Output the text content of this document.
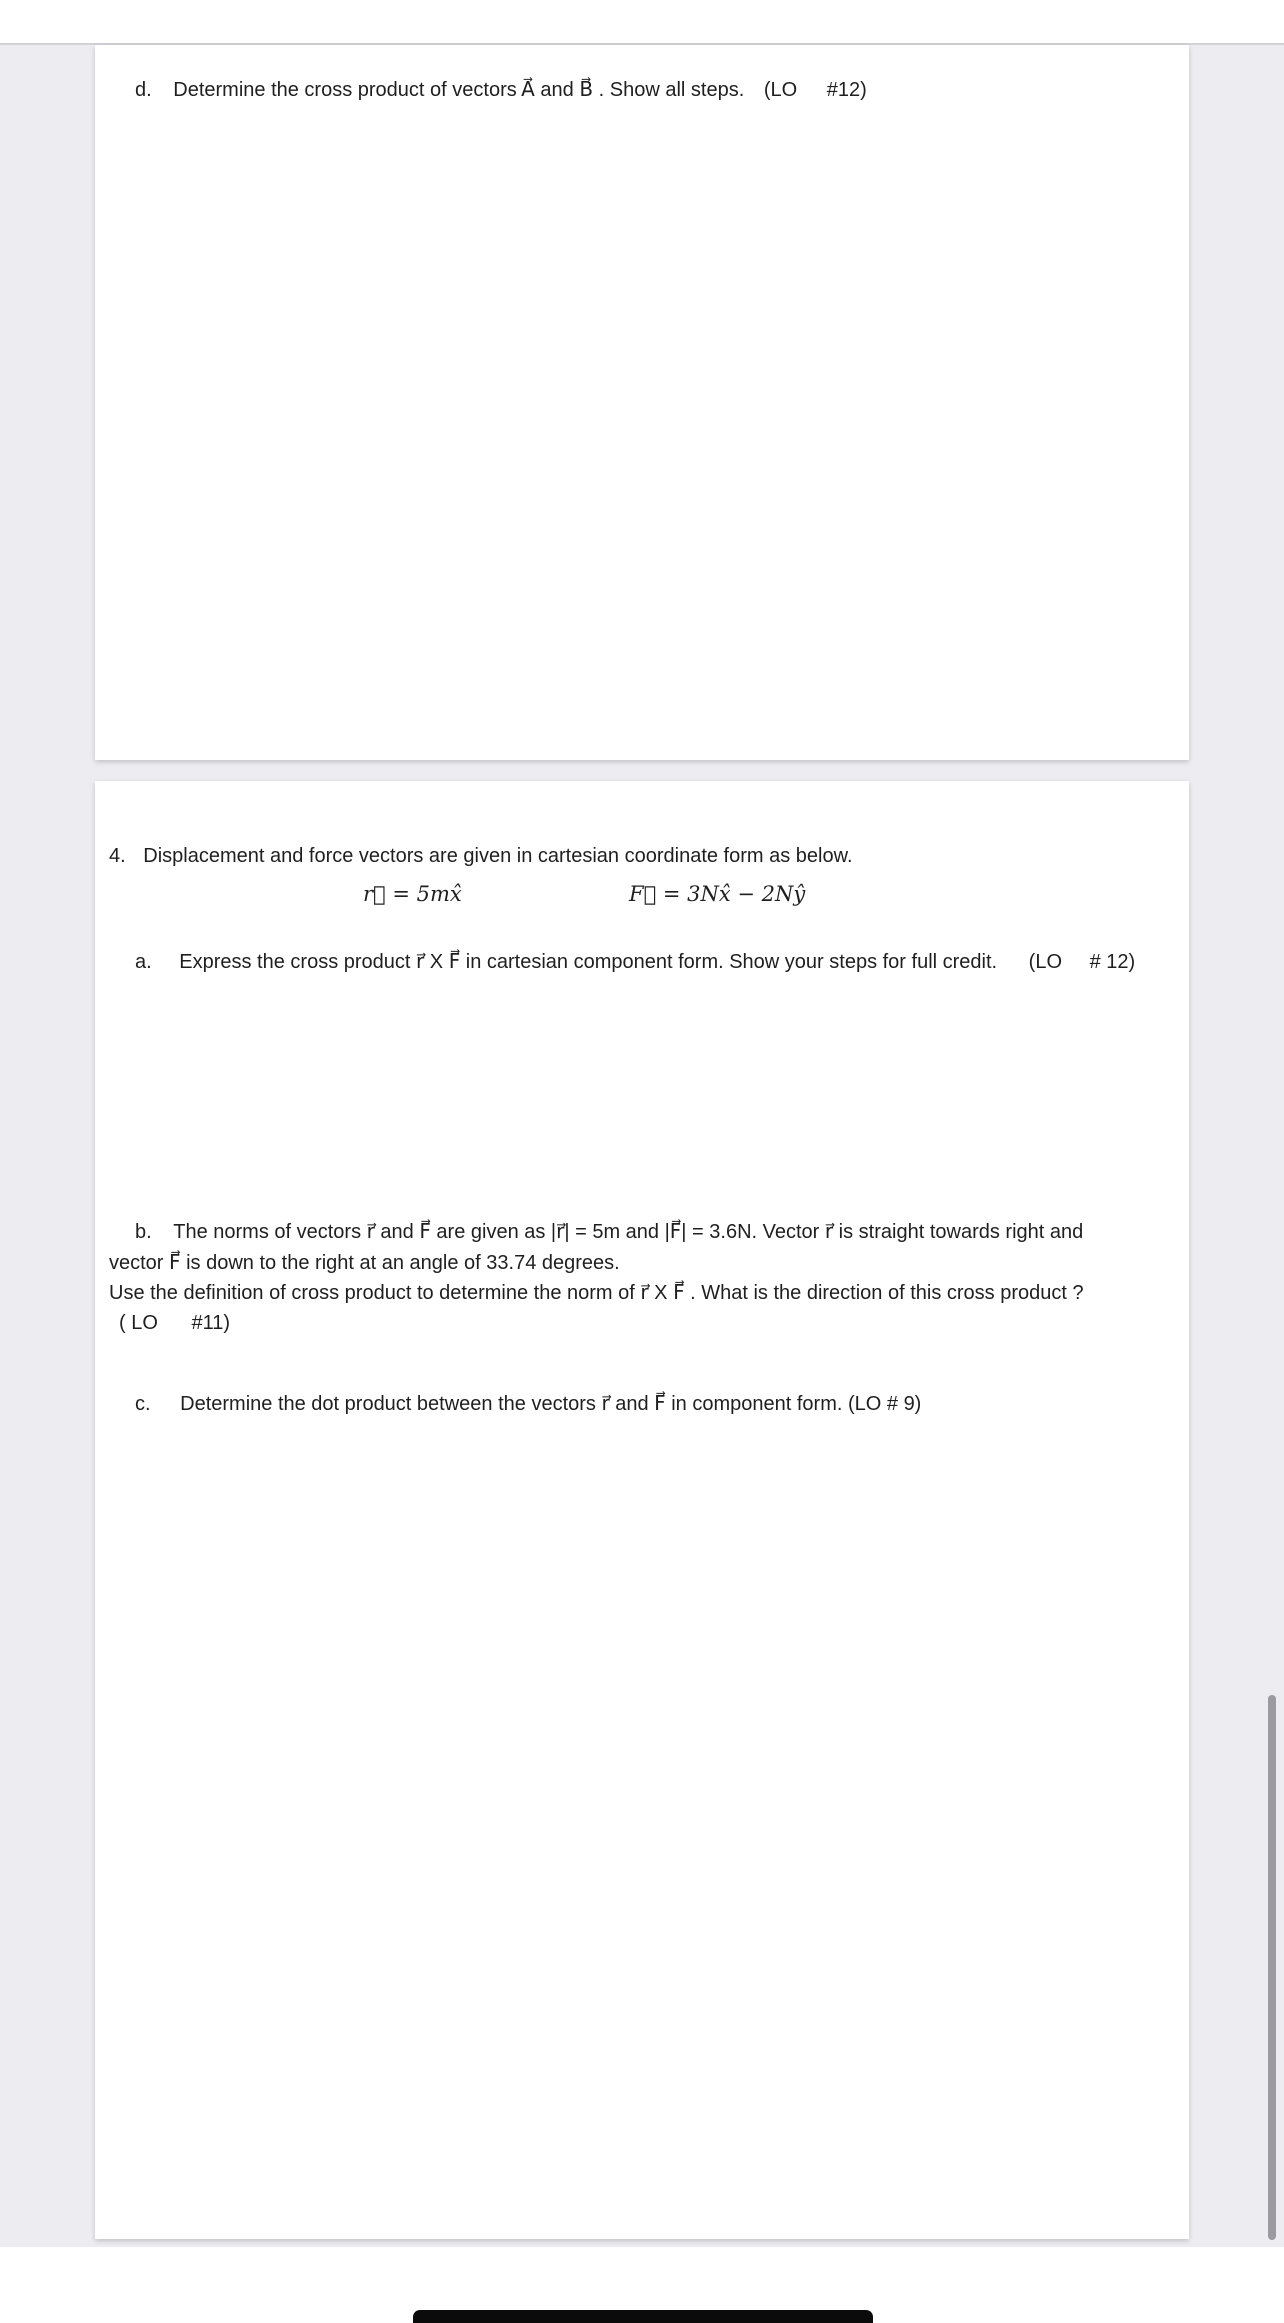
d. Determine the cross product of vectors A⃗ and B⃗ . Show all steps. (LO #12)
4. Displacement and force vectors are given in cartesian coordinate form as below.
r⃗ = 5mx̂	F⃗ = 3Nx̂ − 2Nŷ
a. Express the cross product r⃗ X F⃗ in cartesian component form. Show your steps for full credit. (LO # 12)
b. The norms of vectors r⃗ and F⃗ are given as |r⃗| = 5m and |F⃗| = 3.6N. Vector r⃗ is straight towards right and
vector F⃗ is down to the right at an angle of 33.74 degrees.
Use the definition of cross product to determine the norm of r⃗ X F⃗ . What is the direction of this cross product ?
( LO #11)
c. Determine the dot product between the vectors r⃗ and F⃗ in component form. (LO # 9)
